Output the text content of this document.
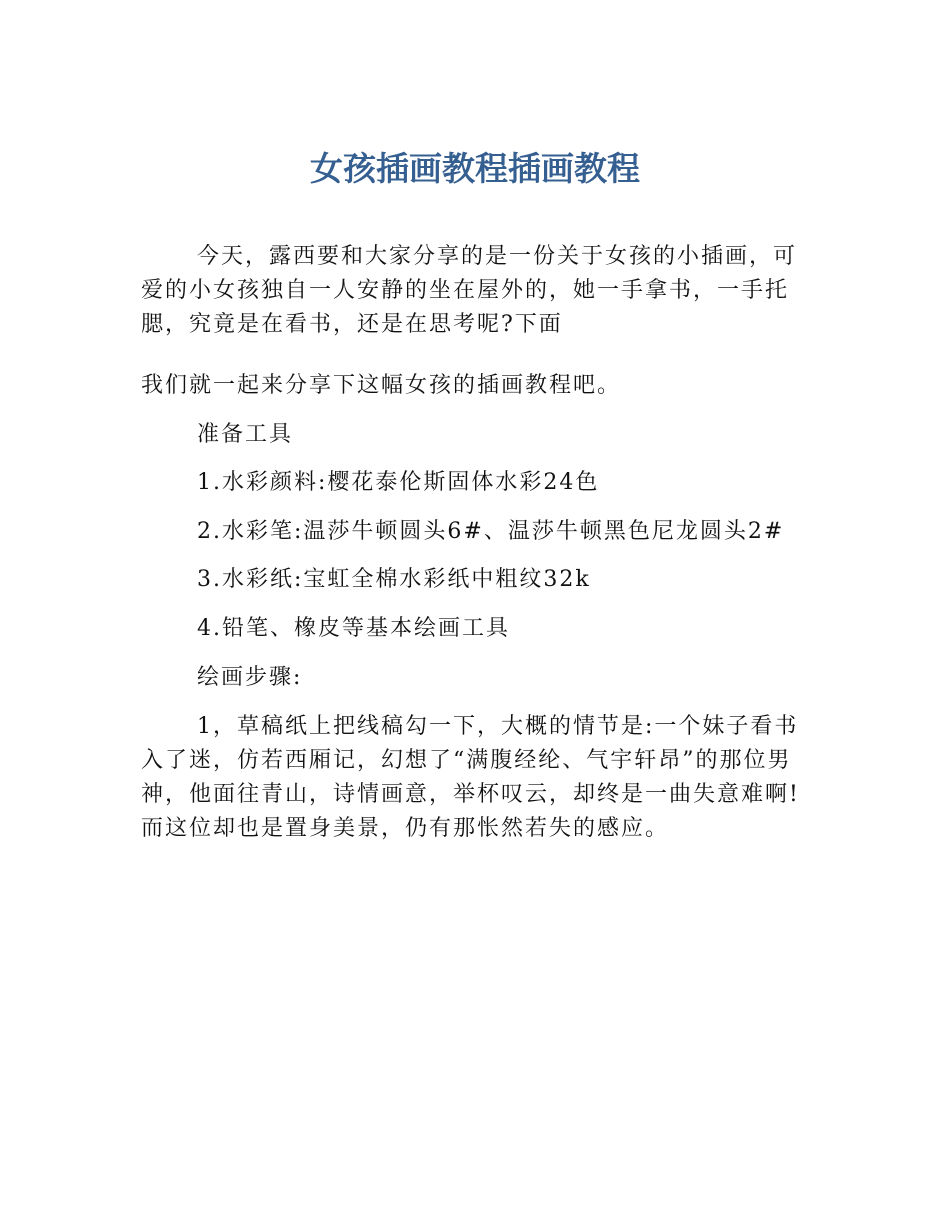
女孩插画教程插画教程

今天，露西要和大家分享的是一份关于女孩的小插画，可爱的小女孩独自一人安静的坐在屋外的，她一手拿书，一手托腮，究竟是在看书，还是在思考呢?下面

我们就一起来分享下这幅女孩的插画教程吧。

准备工具

1.水彩颜料:樱花泰伦斯固体水彩24色

2.水彩笔:温莎牛顿圆头6#、温莎牛顿黑色尼龙圆头2#

3.水彩纸:宝虹全棉水彩纸中粗纹32k

4.铅笔、橡皮等基本绘画工具

绘画步骤:

1，草稿纸上把线稿勾一下，大概的情节是:一个妹子看书入了迷，仿若西厢记，幻想了“满腹经纶、气宇轩昂”的那位男神，他面往青山，诗情画意，举杯叹云，却终是一曲失意难啊!而这位却也是置身美景，仍有那怅然若失的感应。
